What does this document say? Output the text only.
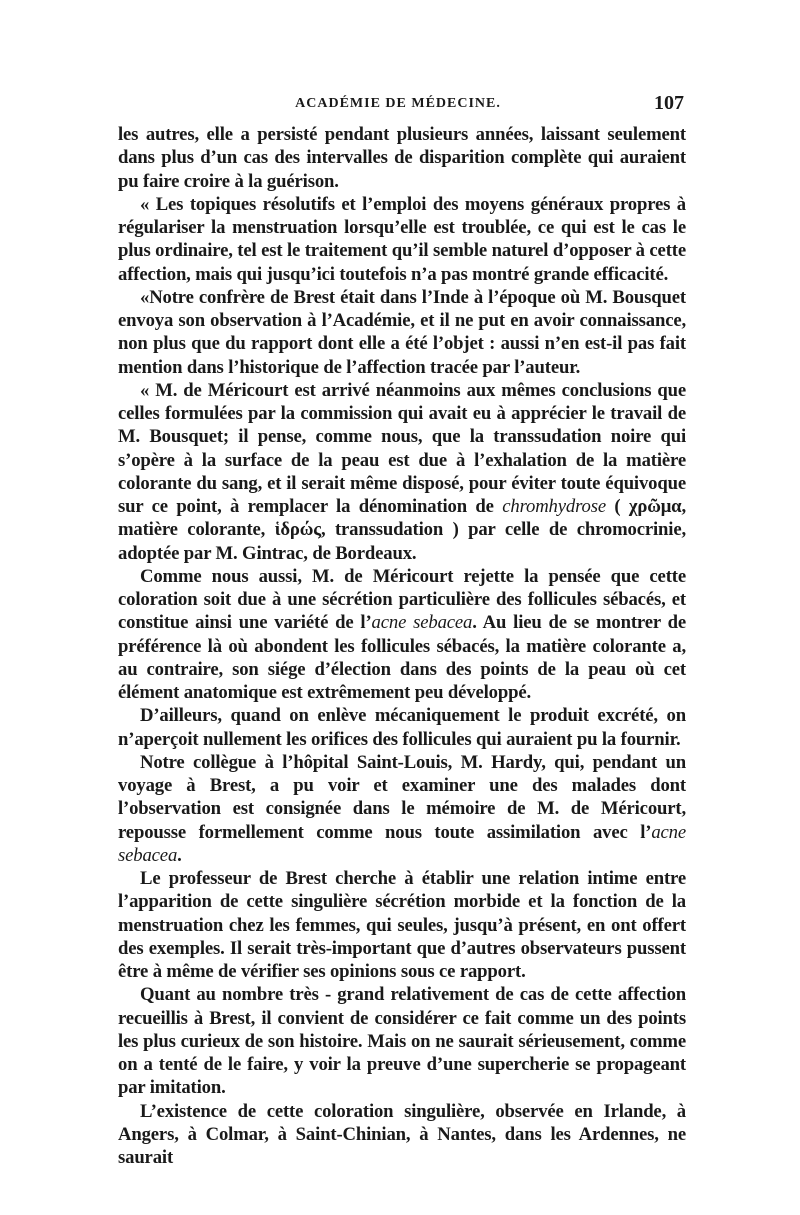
ACADÉMIE DE MÉDECINE.	107

les autres, elle a persisté pendant plusieurs années, laissant seulement dans plus d’un cas des intervalles de disparition complète qui auraient pu faire croire à la guérison.

« Les topiques résolutifs et l’emploi des moyens généraux propres à régulariser la menstruation lorsqu’elle est troublée, ce qui est le cas le plus ordinaire, tel est le traitement qu’il semble naturel d’opposer à cette affection, mais qui jusqu’ici toutefois n’a pas montré grande efficacité.

«Notre confrère de Brest était dans l’Inde à l’époque où M. Bousquet envoya son observation à l’Académie, et il ne put en avoir connaissance, non plus que du rapport dont elle a été l’objet : aussi n’en est-il pas fait mention dans l’historique de l’affection tracée par l’auteur.

« M. de Méricourt est arrivé néanmoins aux mêmes conclusions que celles formulées par la commission qui avait eu à apprécier le travail de M. Bousquet; il pense, comme nous, que la transsudation noire qui s’opère à la surface de la peau est due à l’exhalation de la matière colorante du sang, et il serait même disposé, pour éviter toute équivoque sur ce point, à remplacer la dénomination de chromhydrose ( χρῶμα, matière colorante, ἱδρώς, transsudation ) par celle de chromocrinie, adoptée par M. Gintrac, de Bordeaux.

Comme nous aussi, M. de Méricourt rejette la pensée que cette coloration soit due à une sécrétion particulière des follicules sébacés, et constitue ainsi une variété de l’acne sebacea. Au lieu de se montrer de préférence là où abondent les follicules sébacés, la matière colorante a, au contraire, son siége d’élection dans des points de la peau où cet élément anatomique est extrêmement peu développé.

D’ailleurs, quand on enlève mécaniquement le produit excrété, on n’aperçoit nullement les orifices des follicules qui auraient pu la fournir.

Notre collègue à l’hôpital Saint-Louis, M. Hardy, qui, pendant un voyage à Brest, a pu voir et examiner une des malades dont l’observation est consignée dans le mémoire de M. de Méricourt, repousse formellement comme nous toute assimilation avec l’acne sebacea.

Le professeur de Brest cherche à établir une relation intime entre l’apparition de cette singulière sécrétion morbide et la fonction de la menstruation chez les femmes, qui seules, jusqu’à présent, en ont offert des exemples. Il serait très-important que d’autres observateurs pussent être à même de vérifier ses opinions sous ce rapport.

Quant au nombre très - grand relativement de cas de cette affection recueillis à Brest, il convient de considérer ce fait comme un des points les plus curieux de son histoire. Mais on ne saurait sérieusement, comme on a tenté de le faire, y voir la preuve d’une supercherie se propageant par imitation.

L’existence de cette coloration singulière, observée en Irlande, à Angers, à Colmar, à Saint-Chinian, à Nantes, dans les Ardennes, ne saurait
